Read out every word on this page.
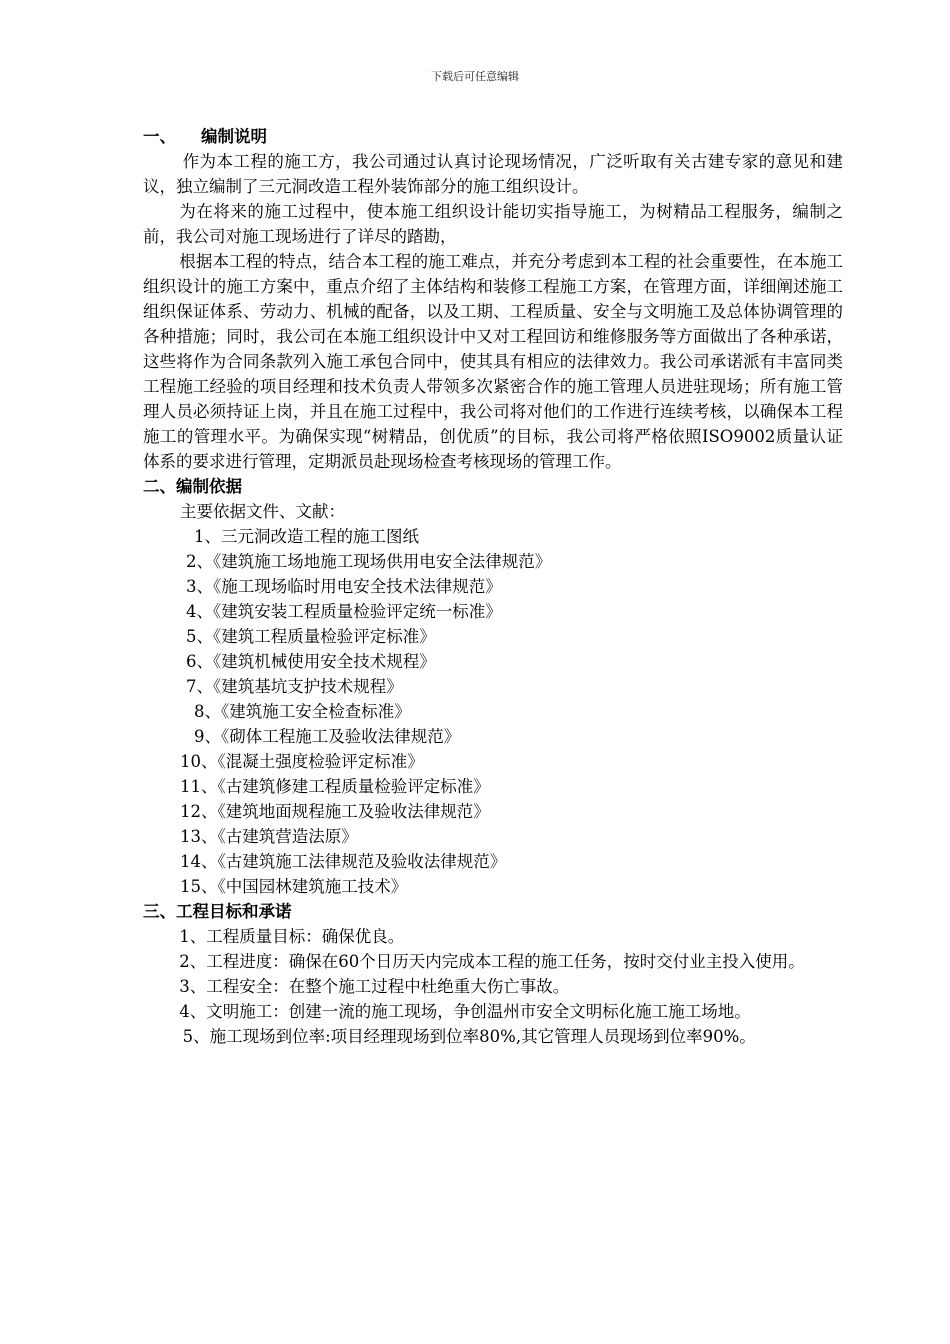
下载后可任意编辑
一、 编制说明

作为本工程的施工方，我公司通过认真讨论现场情况，广泛听取有关古建专家的意见和建议，独立编制了三元洞改造工程外装饰部分的施工组织设计。

为在将来的施工过程中，使本施工组织设计能切实指导施工，为树精品工程服务，编制之前，我公司对施工现场进行了详尽的踏勘，

根据本工程的特点，结合本工程的施工难点，并充分考虑到本工程的社会重要性，在本施工组织设计的施工方案中，重点介绍了主体结构和装修工程施工方案，在管理方面，详细阐述施工组织保证体系、劳动力、机械的配备，以及工期、工程质量、安全与文明施工及总体协调管理的各种措施；同时，我公司在本施工组织设计中又对工程回访和维修服务等方面做出了各种承诺，这些将作为合同条款列入施工承包合同中，使其具有相应的法律效力。我公司承诺派有丰富同类工程施工经验的项目经理和技术负责人带领多次紧密合作的施工管理人员进驻现场；所有施工管理人员必须持证上岗，并且在施工过程中，我公司将对他们的工作进行连续考核，以确保本工程施工的管理水平。为确保实现“树精品，创优质”的目标，我公司将严格依照ISO9002质量认证体系的要求进行管理，定期派员赴现场检查考核现场的管理工作。

二、编制依据

主要依据文件、文献：

1、三元洞改造工程的施工图纸
2、《建筑施工场地施工现场供用电安全法律规范》
3、《施工现场临时用电安全技术法律规范》
4、《建筑安装工程质量检验评定统一标准》
5、《建筑工程质量检验评定标准》
6、《建筑机械使用安全技术规程》
7、《建筑基坑支护技术规程》
8、《建筑施工安全检查标准》
9、《砌体工程施工及验收法律规范》
10、《混凝土强度检验评定标准》
11、《古建筑修建工程质量检验评定标准》
12、《建筑地面规程施工及验收法律规范》
13、《古建筑营造法原》
14、《古建筑施工法律规范及验收法律规范》
15、《中国园林建筑施工技术》
三、工程目标和承诺

1、工程质量目标：确保优良。

2、工程进度：确保在60个日历天内完成本工程的施工任务，按时交付业主投入使用。

3、工程安全：在整个施工过程中杜绝重大伤亡事故。

4、文明施工：创建一流的施工现场，争创温州市安全文明标化施工施工场地。

5、施工现场到位率:项目经理现场到位率80%,其它管理人员现场到位率90%。
